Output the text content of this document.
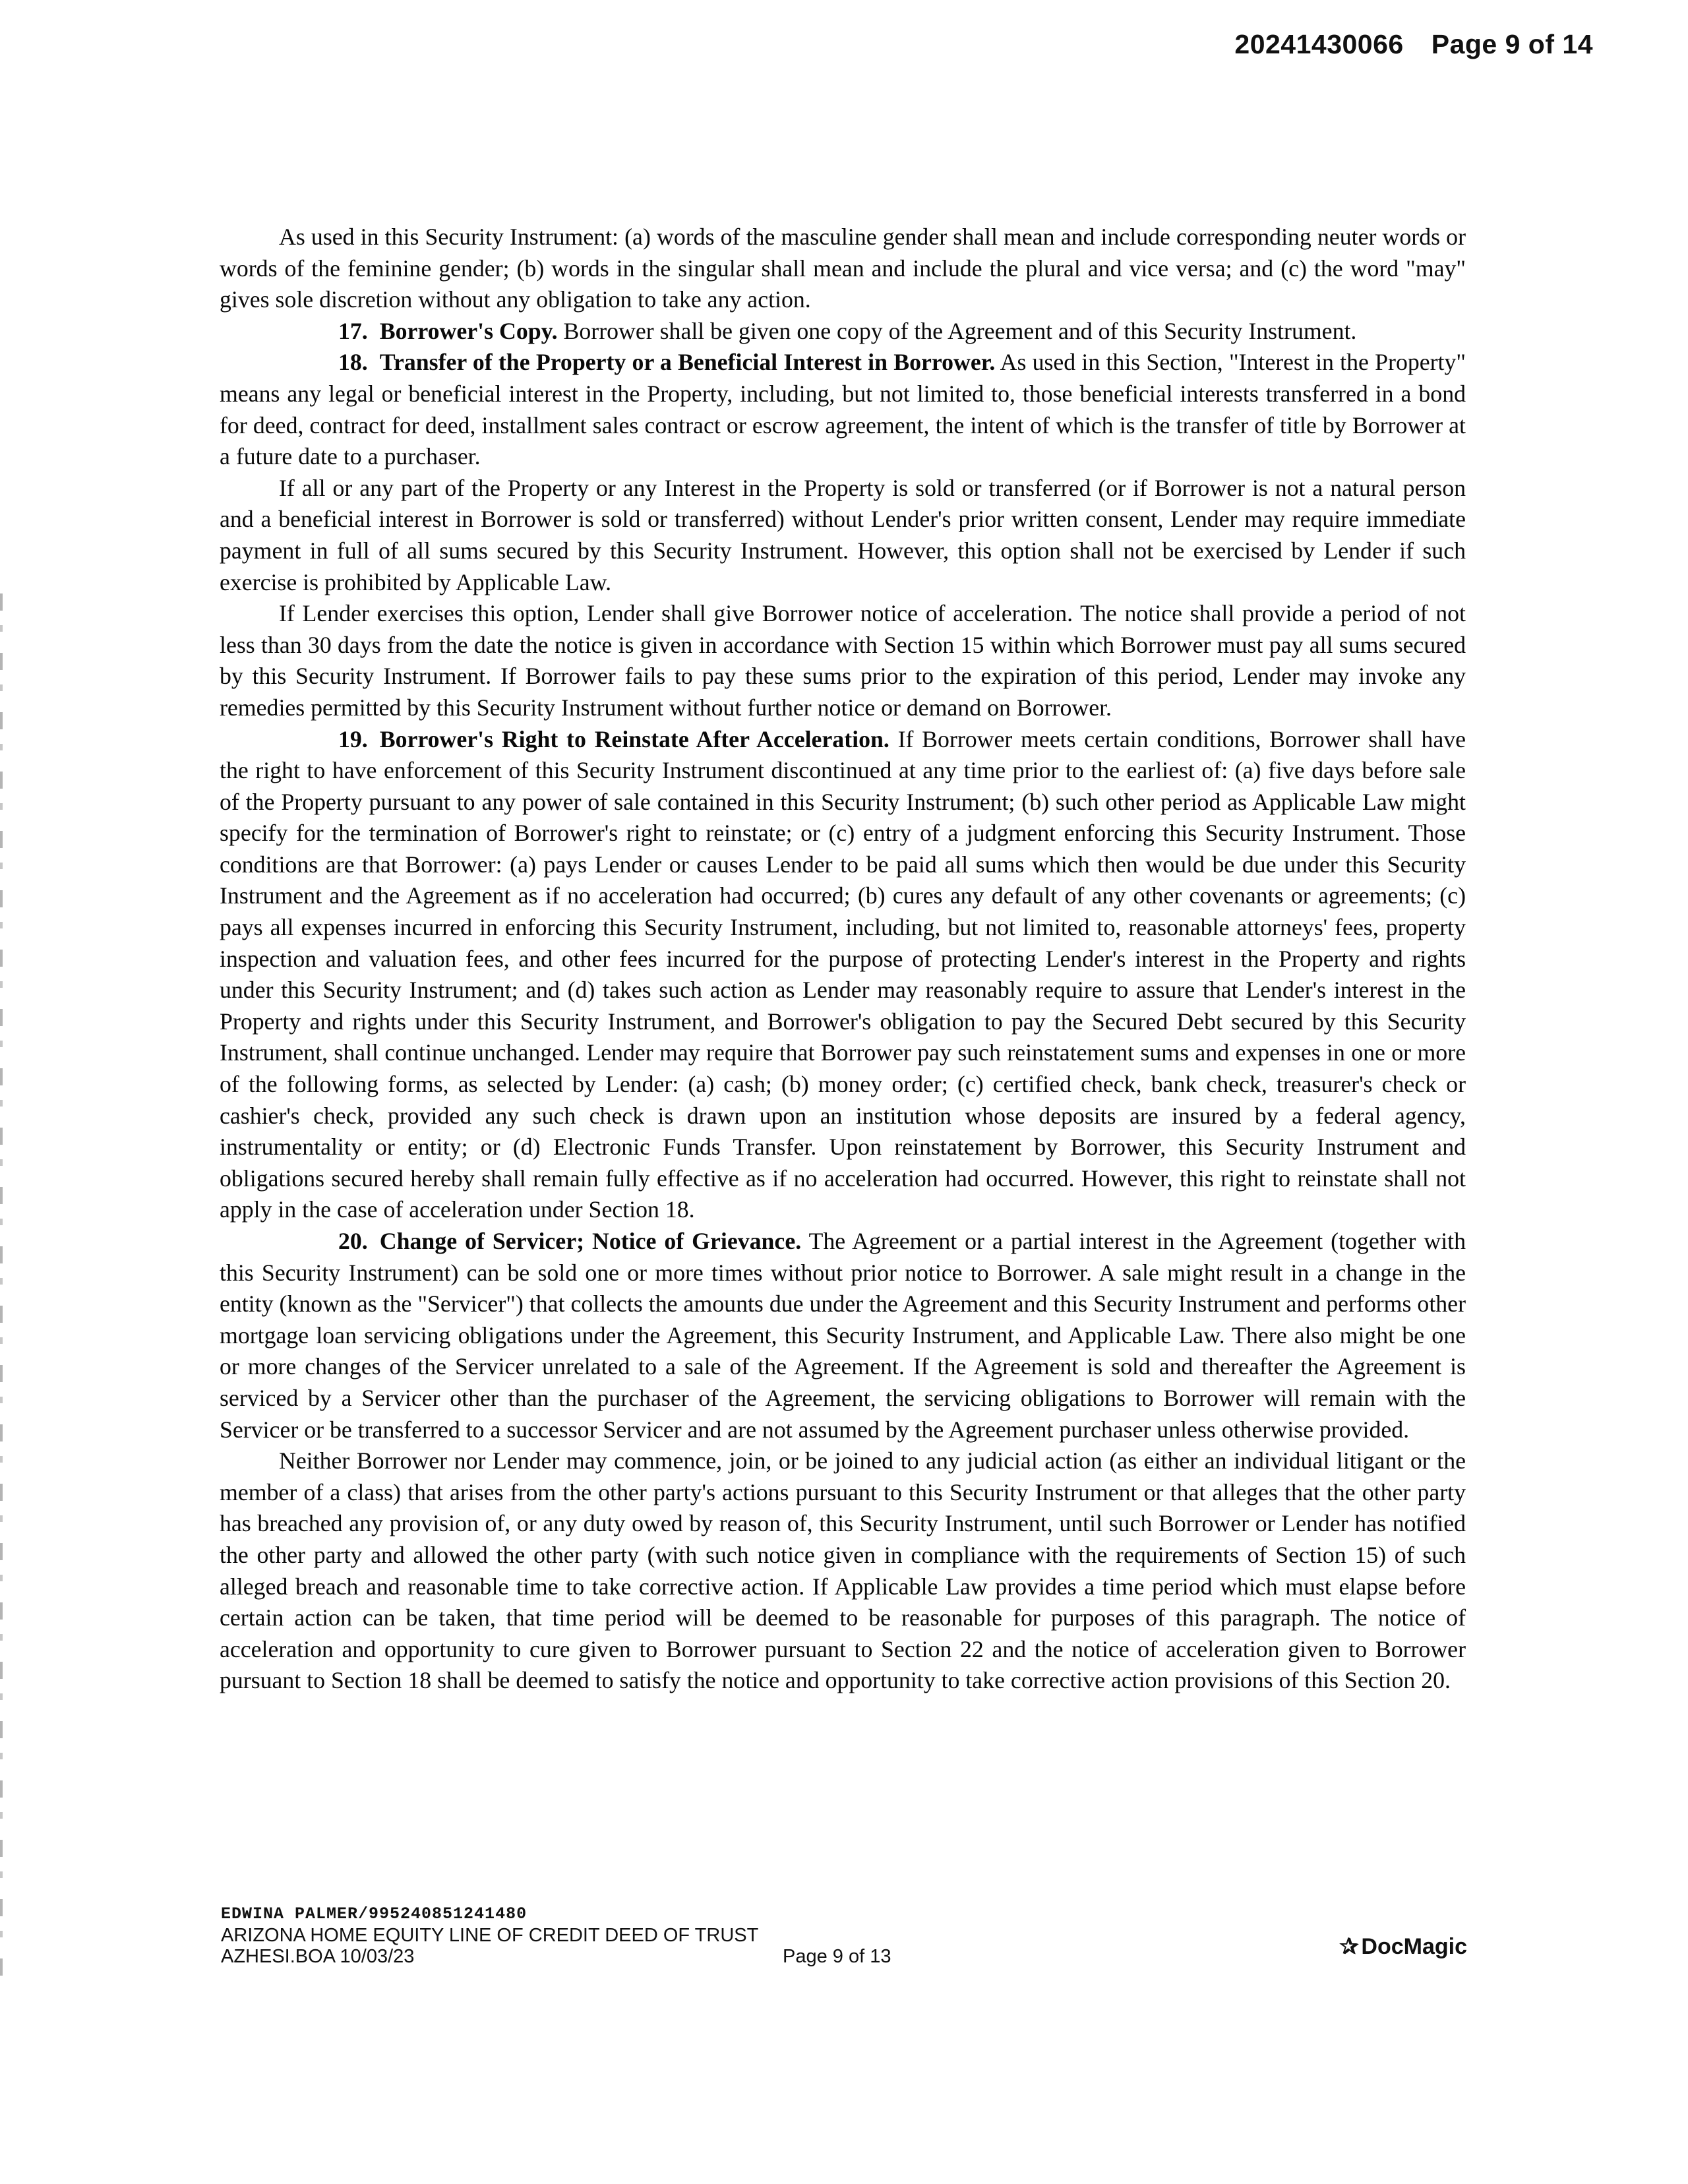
20241430066 Page 9 of 14

As used in this Security Instrument: (a) words of the masculine gender shall mean and include corresponding neuter words or words of the feminine gender; (b) words in the singular shall mean and include the plural and vice versa; and (c) the word "may" gives sole discretion without any obligation to take any action.

17. Borrower's Copy. Borrower shall be given one copy of the Agreement and of this Security Instrument.

18. Transfer of the Property or a Beneficial Interest in Borrower. As used in this Section, "Interest in the Property" means any legal or beneficial interest in the Property, including, but not limited to, those beneficial interests transferred in a bond for deed, contract for deed, installment sales contract or escrow agreement, the intent of which is the transfer of title by Borrower at a future date to a purchaser.

If all or any part of the Property or any Interest in the Property is sold or transferred (or if Borrower is not a natural person and a beneficial interest in Borrower is sold or transferred) without Lender's prior written consent, Lender may require immediate payment in full of all sums secured by this Security Instrument. However, this option shall not be exercised by Lender if such exercise is prohibited by Applicable Law.

If Lender exercises this option, Lender shall give Borrower notice of acceleration. The notice shall provide a period of not less than 30 days from the date the notice is given in accordance with Section 15 within which Borrower must pay all sums secured by this Security Instrument. If Borrower fails to pay these sums prior to the expiration of this period, Lender may invoke any remedies permitted by this Security Instrument without further notice or demand on Borrower.

19. Borrower's Right to Reinstate After Acceleration. If Borrower meets certain conditions, Borrower shall have the right to have enforcement of this Security Instrument discontinued at any time prior to the earliest of: (a) five days before sale of the Property pursuant to any power of sale contained in this Security Instrument; (b) such other period as Applicable Law might specify for the termination of Borrower's right to reinstate; or (c) entry of a judgment enforcing this Security Instrument. Those conditions are that Borrower: (a) pays Lender or causes Lender to be paid all sums which then would be due under this Security Instrument and the Agreement as if no acceleration had occurred; (b) cures any default of any other covenants or agreements; (c) pays all expenses incurred in enforcing this Security Instrument, including, but not limited to, reasonable attorneys' fees, property inspection and valuation fees, and other fees incurred for the purpose of protecting Lender's interest in the Property and rights under this Security Instrument; and (d) takes such action as Lender may reasonably require to assure that Lender's interest in the Property and rights under this Security Instrument, and Borrower's obligation to pay the Secured Debt secured by this Security Instrument, shall continue unchanged. Lender may require that Borrower pay such reinstatement sums and expenses in one or more of the following forms, as selected by Lender: (a) cash; (b) money order; (c) certified check, bank check, treasurer's check or cashier's check, provided any such check is drawn upon an institution whose deposits are insured by a federal agency, instrumentality or entity; or (d) Electronic Funds Transfer. Upon reinstatement by Borrower, this Security Instrument and obligations secured hereby shall remain fully effective as if no acceleration had occurred. However, this right to reinstate shall not apply in the case of acceleration under Section 18.

20. Change of Servicer; Notice of Grievance. The Agreement or a partial interest in the Agreement (together with this Security Instrument) can be sold one or more times without prior notice to Borrower. A sale might result in a change in the entity (known as the "Servicer") that collects the amounts due under the Agreement and this Security Instrument and performs other mortgage loan servicing obligations under the Agreement, this Security Instrument, and Applicable Law. There also might be one or more changes of the Servicer unrelated to a sale of the Agreement. If the Agreement is sold and thereafter the Agreement is serviced by a Servicer other than the purchaser of the Agreement, the servicing obligations to Borrower will remain with the Servicer or be transferred to a successor Servicer and are not assumed by the Agreement purchaser unless otherwise provided.

Neither Borrower nor Lender may commence, join, or be joined to any judicial action (as either an individual litigant or the member of a class) that arises from the other party's actions pursuant to this Security Instrument or that alleges that the other party has breached any provision of, or any duty owed by reason of, this Security Instrument, until such Borrower or Lender has notified the other party and allowed the other party (with such notice given in compliance with the requirements of Section 15) of such alleged breach and reasonable time to take corrective action. If Applicable Law provides a time period which must elapse before certain action can be taken, that time period will be deemed to be reasonable for purposes of this paragraph. The notice of acceleration and opportunity to cure given to Borrower pursuant to Section 22 and the notice of acceleration given to Borrower pursuant to Section 18 shall be deemed to satisfy the notice and opportunity to take corrective action provisions of this Section 20.

EDWINA PALMER/995240851241480
ARIZONA HOME EQUITY LINE OF CREDIT DEED OF TRUST
AZHESI.BOA 10/03/23	Page 9 of 13	✰ DocMagic
